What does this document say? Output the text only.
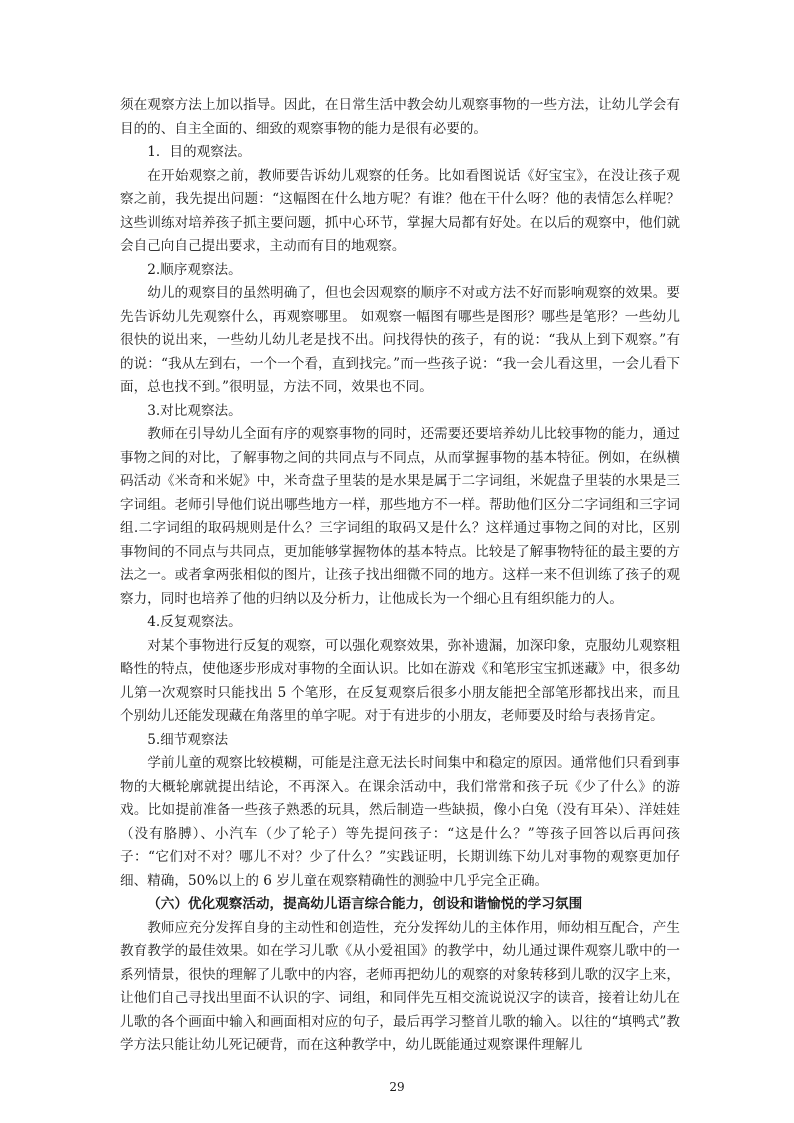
须在观察方法上加以指导。因此，在日常生活中教会幼儿观察事物的一些方法，让幼儿学会有目的的、自主全面的、细致的观察事物的能力是很有必要的。

1．目的观察法。

在开始观察之前，教师要告诉幼儿观察的任务。比如看图说话《好宝宝》，在没让孩子观察之前，我先提出问题：“这幅图在什么地方呢？有谁？他在干什么呀？他的表情怎么样呢？这些训练对培养孩子抓主要问题，抓中心环节，掌握大局都有好处。在以后的观察中，他们就会自己向自己提出要求，主动而有目的地观察。

2.顺序观察法。

幼儿的观察目的虽然明确了，但也会因观察的顺序不对或方法不好而影响观察的效果。要先告诉幼儿先观察什么，再观察哪里。 如观察一幅图有哪些是图形？哪些是笔形？一些幼儿很快的说出来，一些幼儿幼儿老是找不出。问找得快的孩子，有的说：“我从上到下观察。”有的说：“我从左到右，一个一个看，直到找完。”而一些孩子说：“我一会儿看这里，一会儿看下面，总也找不到。”很明显，方法不同，效果也不同。

3.对比观察法。

教师在引导幼儿全面有序的观察事物的同时，还需要还要培养幼儿比较事物的能力，通过事物之间的对比，了解事物之间的共同点与不同点，从而掌握事物的基本特征。例如，在纵横码活动《米奇和米妮》中，米奇盘子里装的是水果是属于二字词组，米妮盘子里装的水果是三字词组。老师引导他们说出哪些地方一样，那些地方不一样。帮助他们区分二字词组和三字词组.二字词组的取码规则是什么？三字词组的取码又是什么？这样通过事物之间的对比，区别事物间的不同点与共同点，更加能够掌握物体的基本特点。比较是了解事物特征的最主要的方法之一。或者拿两张相似的图片，让孩子找出细微不同的地方。这样一来不但训练了孩子的观察力，同时也培养了他的归纳以及分析力，让他成长为一个细心且有组织能力的人。

4.反复观察法。

对某个事物进行反复的观察，可以强化观察效果，弥补遗漏，加深印象，克服幼儿观察粗略性的特点，使他逐步形成对事物的全面认识。比如在游戏《和笔形宝宝抓迷藏》中，很多幼儿第一次观察时只能找出 5 个笔形，在反复观察后很多小朋友能把全部笔形都找出来，而且个别幼儿还能发现藏在角落里的单字呢。对于有进步的小朋友，老师要及时给与表扬肯定。

5.细节观察法

学前儿童的观察比较模糊，可能是注意无法长时间集中和稳定的原因。通常他们只看到事物的大概轮廓就提出结论，不再深入。在课余活动中，我们常常和孩子玩《少了什么》的游戏。比如提前准备一些孩子熟悉的玩具，然后制造一些缺损，像小白兔（没有耳朵）、洋娃娃（没有胳膊）、小汽车（少了轮子）等先提问孩子：“这是什么？”等孩子回答以后再问孩子：“它们对不对？哪儿不对？少了什么？”实践证明，长期训练下幼儿对事物的观察更加仔细、精确，50%以上的 6 岁儿童在观察精确性的测验中几乎完全正确。

（六）优化观察活动，提高幼儿语言综合能力，创设和谐愉悦的学习氛围

教师应充分发挥自身的主动性和创造性，充分发挥幼儿的主体作用，师幼相互配合，产生教育教学的最佳效果。如在学习儿歌《从小爱祖国》的教学中，幼儿通过课件观察儿歌中的一系列情景，很快的理解了儿歌中的内容，老师再把幼儿的观察的对象转移到儿歌的汉字上来，让他们自己寻找出里面不认识的字、词组，和同伴先互相交流说说汉字的读音，接着让幼儿在儿歌的各个画面中输入和画面相对应的句子，最后再学习整首儿歌的输入。以往的“填鸭式”教学方法只能让幼儿死记硬背，而在这种教学中，幼儿既能通过观察课件理解儿

29
